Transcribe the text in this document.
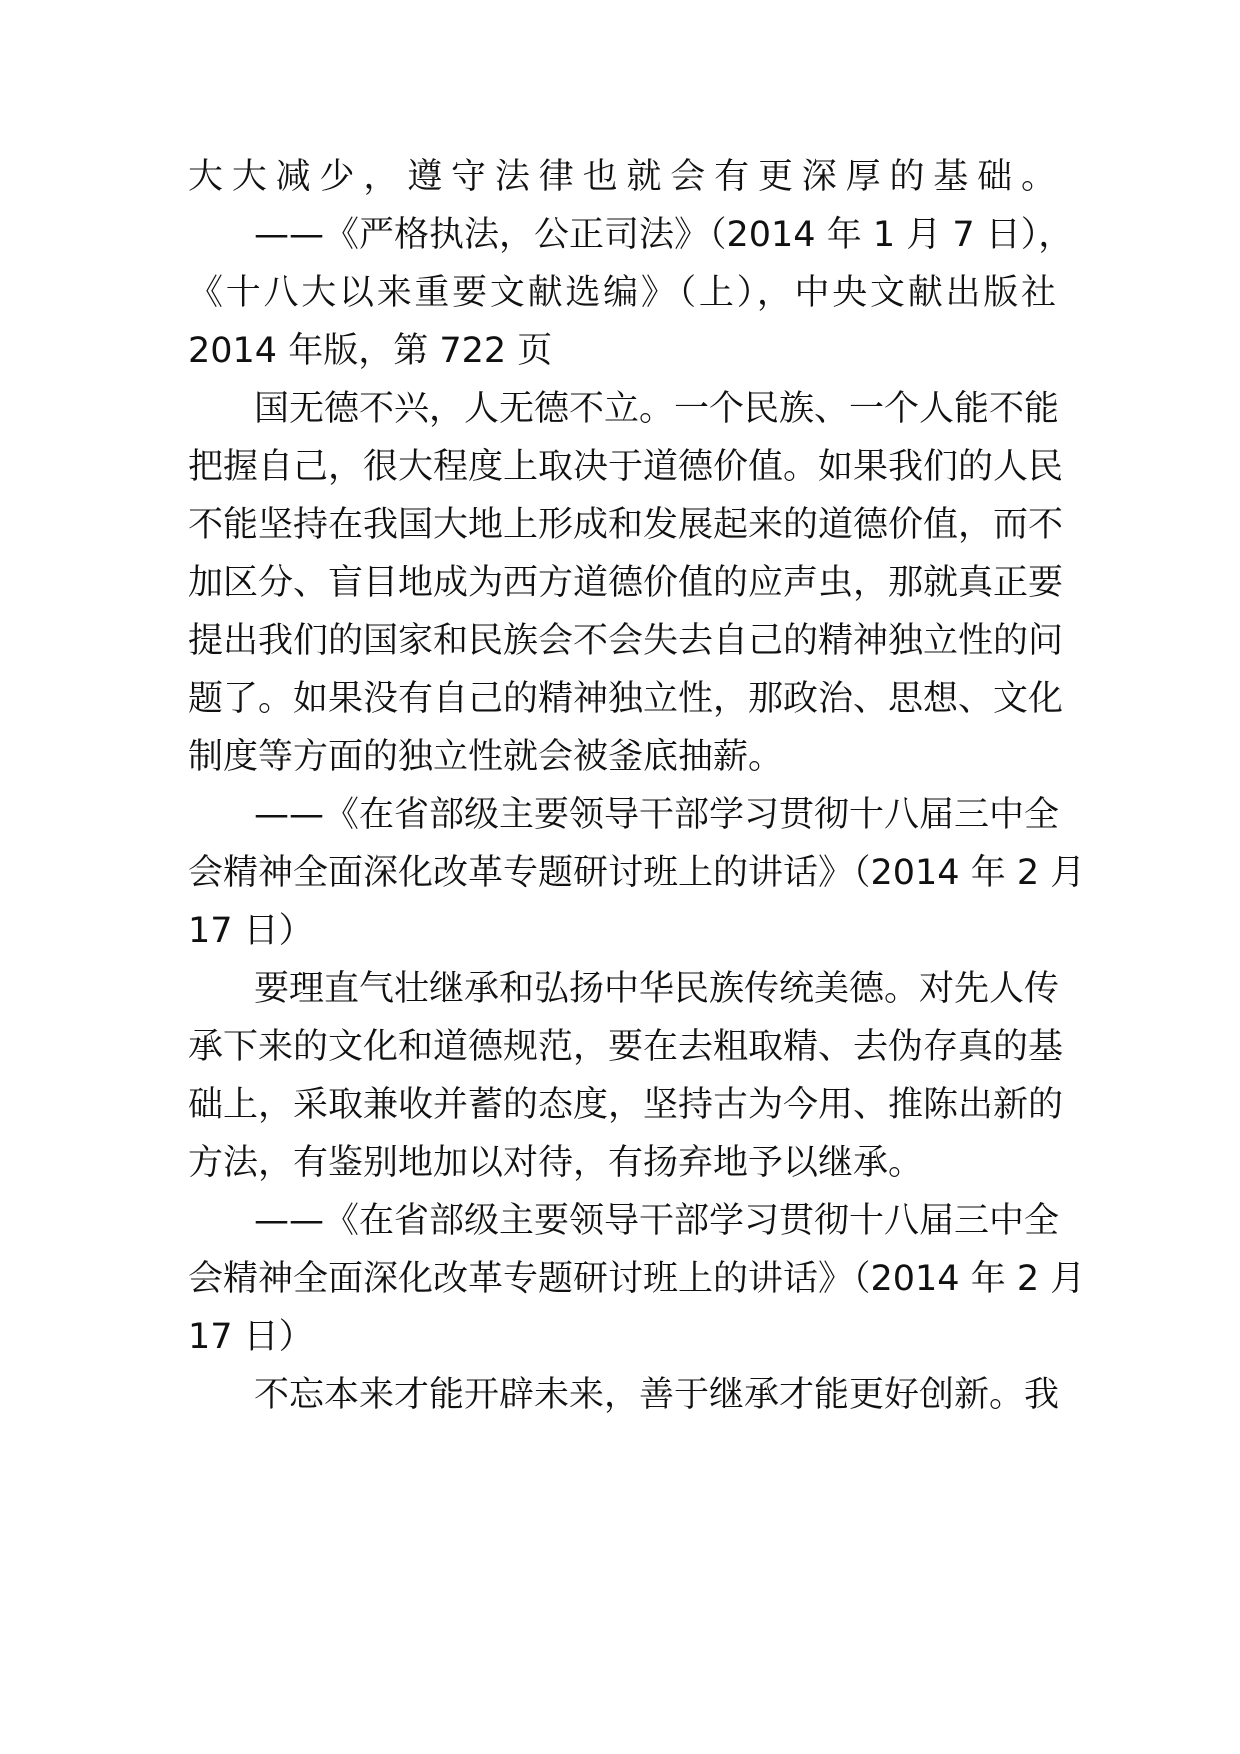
大大减少，遵守法律也就会有更深厚的基础。
——《严格执法，公正司法》（2014 年 1 月 7 日），
《十八大以来重要文献选编》（上），中央文献出版社
2014 年版，第 722 页
国无德不兴，人无德不立。一个民族、一个人能不能
把握自己，很大程度上取决于道德价值。如果我们的人民
不能坚持在我国大地上形成和发展起来的道德价值，而不
加区分、盲目地成为西方道德价值的应声虫，那就真正要
提出我们的国家和民族会不会失去自己的精神独立性的问
题了。如果没有自己的精神独立性，那政治、思想、文化
制度等方面的独立性就会被釜底抽薪。
——《在省部级主要领导干部学习贯彻十八届三中全
会精神全面深化改革专题研讨班上的讲话》（2014 年 2 月
17 日）
要理直气壮继承和弘扬中华民族传统美德。对先人传
承下来的文化和道德规范，要在去粗取精、去伪存真的基
础上，采取兼收并蓄的态度，坚持古为今用、推陈出新的
方法，有鉴别地加以对待，有扬弃地予以继承。
——《在省部级主要领导干部学习贯彻十八届三中全
会精神全面深化改革专题研讨班上的讲话》（2014 年 2 月
17 日）
不忘本来才能开辟未来，善于继承才能更好创新。我
